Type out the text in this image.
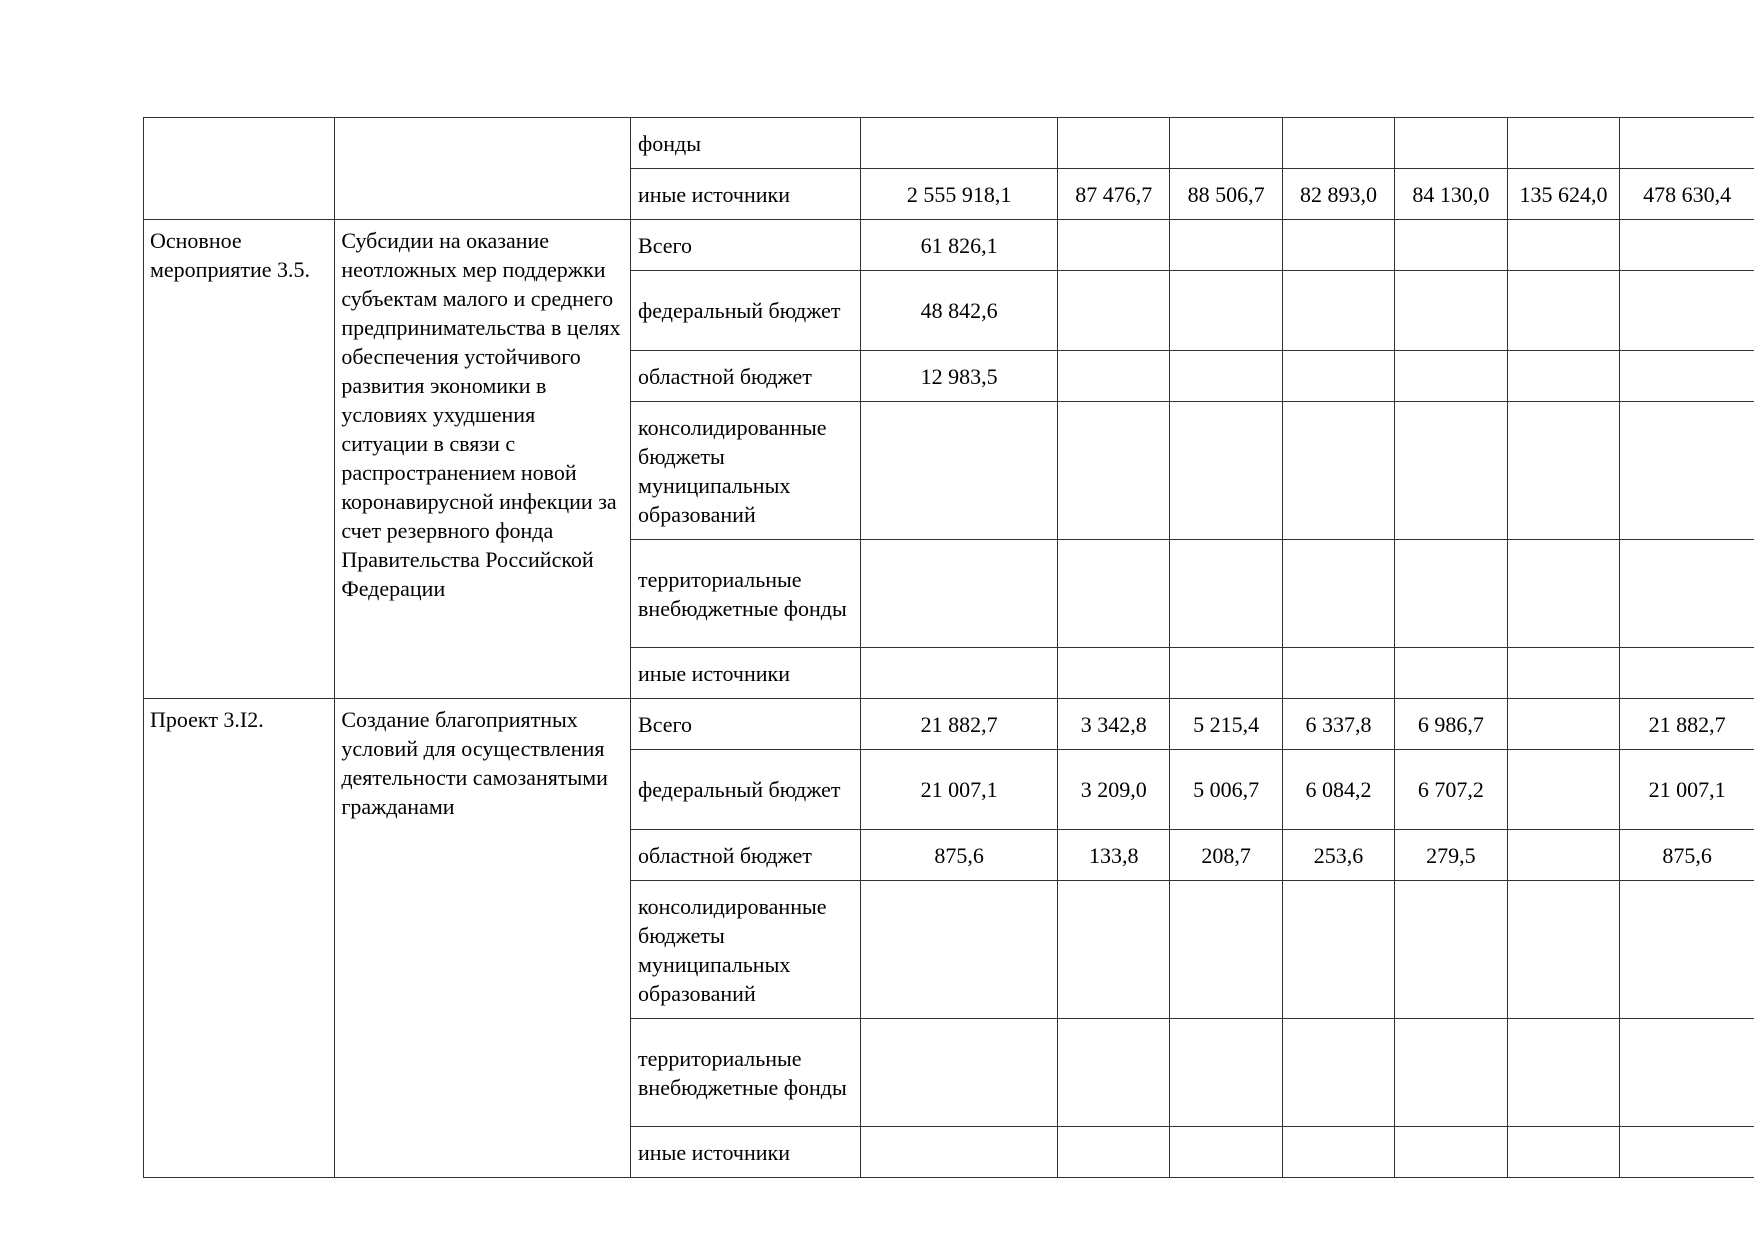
		фонды							
		иные источники	2 555 918,1	87 476,7	88 506,7	82 893,0	84 130,0	135 624,0	478 630,4
Основное мероприятие 3.5.	Субсидии на оказание неотложных мер поддержки субъектам малого и среднего предпринимательства в целях обеспечения устойчивого развития экономики в условиях ухудшения ситуации в связи с распространением новой коронавирусной инфекции за счет резервного фонда Правительства Российской Федерации	Всего	61 826,1						
		федеральный бюджет	48 842,6						
		областной бюджет	12 983,5						
		консолидированные бюджеты муниципальных образований							
		территориальные внебюджетные фонды							
		иные источники							
Проект 3.I2.	Создание благоприятных условий для осуществления деятельности самозанятыми гражданами	Всего	21 882,7	3 342,8	5 215,4	6 337,8	6 986,7		21 882,7
		федеральный бюджет	21 007,1	3 209,0	5 006,7	6 084,2	6 707,2		21 007,1
		областной бюджет	875,6	133,8	208,7	253,6	279,5		875,6
		консолидированные бюджеты муниципальных образований							
		территориальные внебюджетные фонды							
		иные источники							
